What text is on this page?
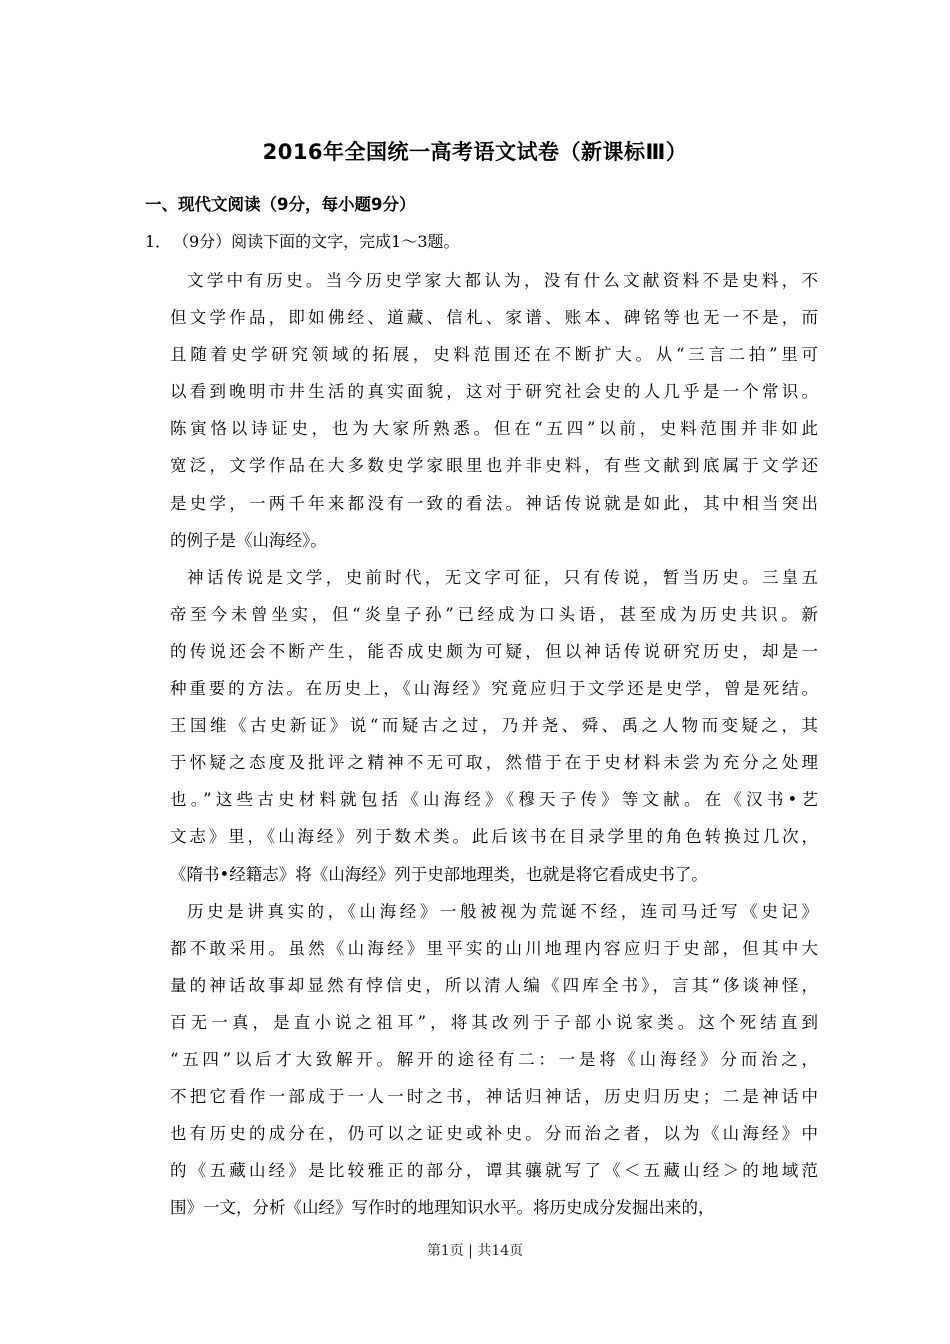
2016年全国统一高考语文试卷（新课标Ⅲ）
一、现代文阅读（9分，每小题9分）
1． （9分）阅读下面的文字，完成1～3题。
文学中有历史。当今历史学家大都认为，没有什么文献资料不是史料，不
但文学作品，即如佛经、道藏、信札、家谱、账本、碑铭等也无一不是，而
且随着史学研究领域的拓展，史料范围还在不断扩大。从“三言二拍”里可
以看到晚明市井生活的真实面貌，这对于研究社会史的人几乎是一个常识。
陈寅恪以诗证史，也为大家所熟悉。但在“五四”以前，史料范围并非如此
宽泛，文学作品在大多数史学家眼里也并非史料，有些文献到底属于文学还
是史学，一两千年来都没有一致的看法。神话传说就是如此，其中相当突出
的例子是《山海经》。
神话传说是文学，史前时代，无文字可征，只有传说，暂当历史。三皇五
帝至今未曾坐实，但“炎皇子孙”已经成为口头语，甚至成为历史共识。新
的传说还会不断产生，能否成史颇为可疑，但以神话传说研究历史，却是一
种重要的方法。在历史上，《山海经》究竟应归于文学还是史学，曾是死结。
王国维《古史新证》说“而疑古之过，乃并尧、舜、禹之人物而变疑之，其
于怀疑之态度及批评之精神不无可取，然惜于在于史材料未尝为充分之处理
也。”这些古史材料就包括《山海经》《穆天子传》等文献。在《汉书•艺
文志》里，《山海经》列于数术类。此后该书在目录学里的角色转换过几次，
《隋书•经籍志》将《山海经》列于史部地理类，也就是将它看成史书了。
历史是讲真实的，《山海经》一般被视为荒诞不经，连司马迁写《史记》
都不敢采用。虽然《山海经》里平实的山川地理内容应归于史部，但其中大
量的神话故事却显然有悖信史，所以清人编《四库全书》，言其“侈谈神怪，
百无一真，是直小说之祖耳”，将其改列于子部小说家类。这个死结直到
“五四”以后才大致解开。解开的途径有二：一是将《山海经》分而治之，
不把它看作一部成于一人一时之书，神话归神话，历史归历史；二是神话中
也有历史的成分在，仍可以之证史或补史。分而治之者，以为《山海经》中
的《五藏山经》是比较雅正的部分，谭其骧就写了《＜五藏山经＞的地域范
围》一文，分析《山经》写作时的地理知识水平。将历史成分发掘出来的，
第1页 | 共14页
